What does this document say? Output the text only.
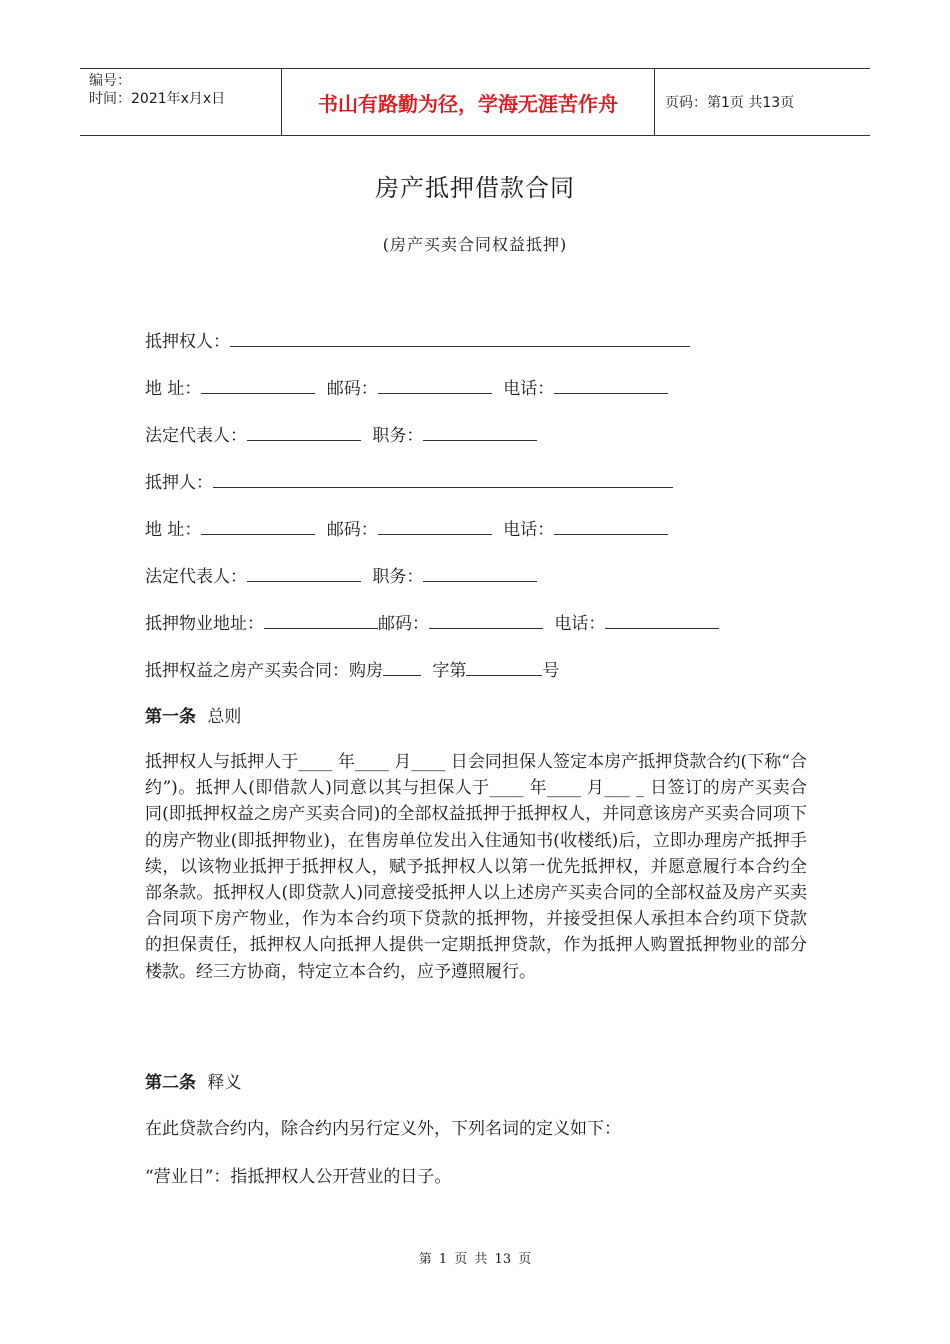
编号：
时间：2021年x月x日	书山有路勤为径，学海无涯苦作舟	页码：第1页 共13页
房产抵押借款合同
(房产买卖合同权益抵押)
抵押权人：
地 址：	邮码：	电话：
法定代表人：	职务：
抵押人：
地 址：	邮码：	电话：
法定代表人：	职务：
抵押物业地址：	邮码：	电话：
抵押权益之房产买卖合同：购房	字第	号
第一条 总则
抵押权人与抵押人于____ 年____ 月____ 日会同担保人签定本房产抵押贷款合约(下称“合约”)。抵押人(即借款人)同意以其与担保人于____ 年____ 月___ _ 日签订的房产买卖合同(即抵押权益之房产买卖合同)的全部权益抵押于抵押权人，并同意该房产买卖合同项下的房产物业(即抵押物业)，在售房单位发出入住通知书(收楼纸)后，立即办理房产抵押手续，以该物业抵押于抵押权人，赋予抵押权人以第一优先抵押权，并愿意履行本合约全部条款。抵押权人(即贷款人)同意接受抵押人以上述房产买卖合同的全部权益及房产买卖合同项下房产物业，作为本合约项下贷款的抵押物，并接受担保人承担本合约项下贷款的担保责任，抵押权人向抵押人提供一定期抵押贷款，作为抵押人购置抵押物业的部分楼款。经三方协商，特定立本合约，应予遵照履行。
第二条 释义
在此贷款合约内，除合约内另行定义外，下列名词的定义如下：
“营业日”：指抵押权人公开营业的日子。
第 1 页 共 13 页
